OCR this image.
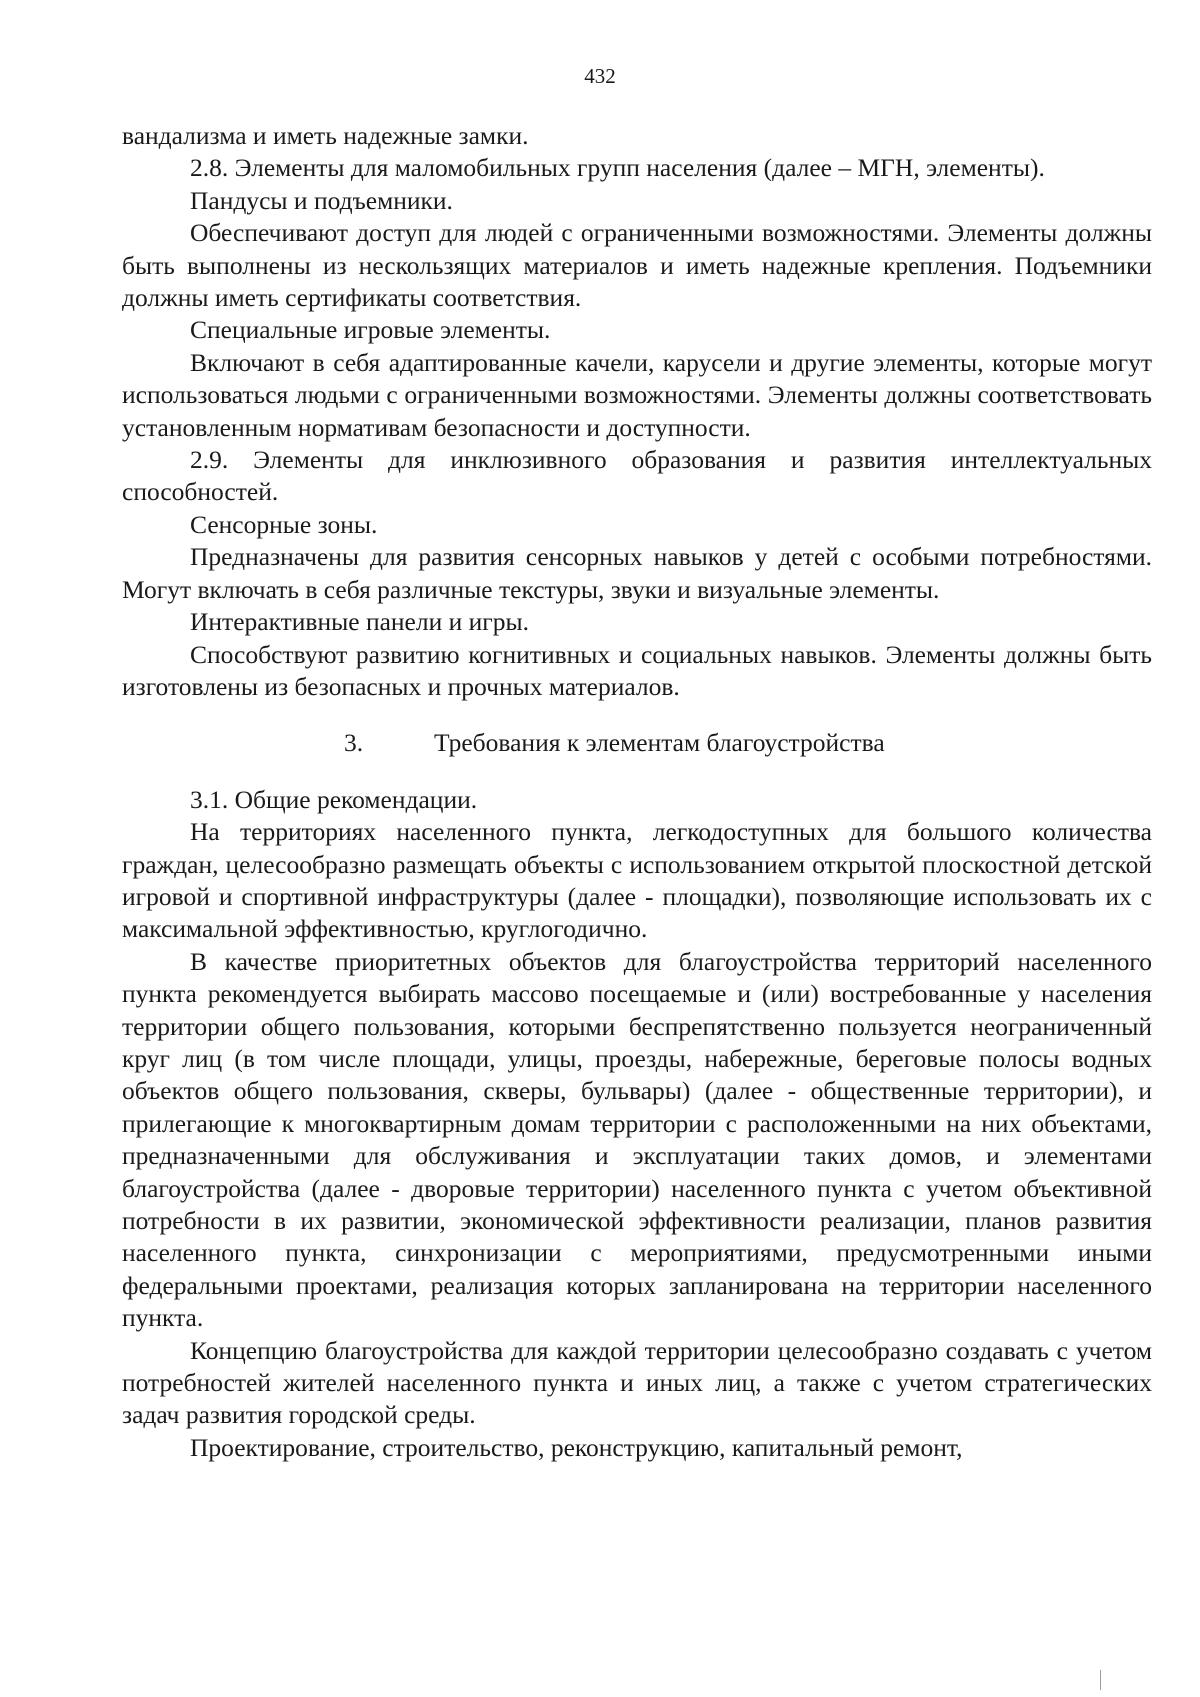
432

вандализма и иметь надежные замки.

2.8. Элементы для маломобильных групп населения (далее – МГН, элементы).

Пандусы и подъемники.

Обеспечивают доступ для людей с ограниченными возможностями. Элементы должны быть выполнены из нескользящих материалов и иметь надежные крепления. Подъемники должны иметь сертификаты соответствия.

Специальные игровые элементы.

Включают в себя адаптированные качели, карусели и другие элементы, которые могут использоваться людьми с ограниченными возможностями. Элементы должны соответствовать установленным нормативам безопасности и доступности.

2.9. Элементы для инклюзивного образования и развития интеллектуальных способностей.

Сенсорные зоны.

Предназначены для развития сенсорных навыков у детей с особыми потребностями. Могут включать в себя различные текстуры, звуки и визуальные элементы.

Интерактивные панели и игры.

Способствуют развитию когнитивных и социальных навыков. Элементы должны быть изготовлены из безопасных и прочных материалов.

3.	Требования к элементам благоустройства

3.1. Общие рекомендации.

На территориях населенного пункта, легкодоступных для большого количества граждан, целесообразно размещать объекты с использованием открытой плоскостной детской игровой и спортивной инфраструктуры (далее - площадки), позволяющие использовать их с максимальной эффективностью, круглогодично.

В качестве приоритетных объектов для благоустройства территорий населенного пункта рекомендуется выбирать массово посещаемые и (или) востребованные у населения территории общего пользования, которыми беспрепятственно пользуется неограниченный круг лиц (в том числе площади, улицы, проезды, набережные, береговые полосы водных объектов общего пользования, скверы, бульвары) (далее - общественные территории), и прилегающие к многоквартирным домам территории с расположенными на них объектами, предназначенными для обслуживания и эксплуатации таких домов, и элементами благоустройства (далее - дворовые территории) населенного пункта с учетом объективной потребности в их развитии, экономической эффективности реализации, планов развития населенного пункта, синхронизации с мероприятиями, предусмотренными иными федеральными проектами, реализация которых запланирована на территории населенного пункта.

Концепцию благоустройства для каждой территории целесообразно создавать с учетом потребностей жителей населенного пункта и иных лиц, а также с учетом стратегических задач развития городской среды.

Проектирование, строительство, реконструкцию, капитальный ремонт,
